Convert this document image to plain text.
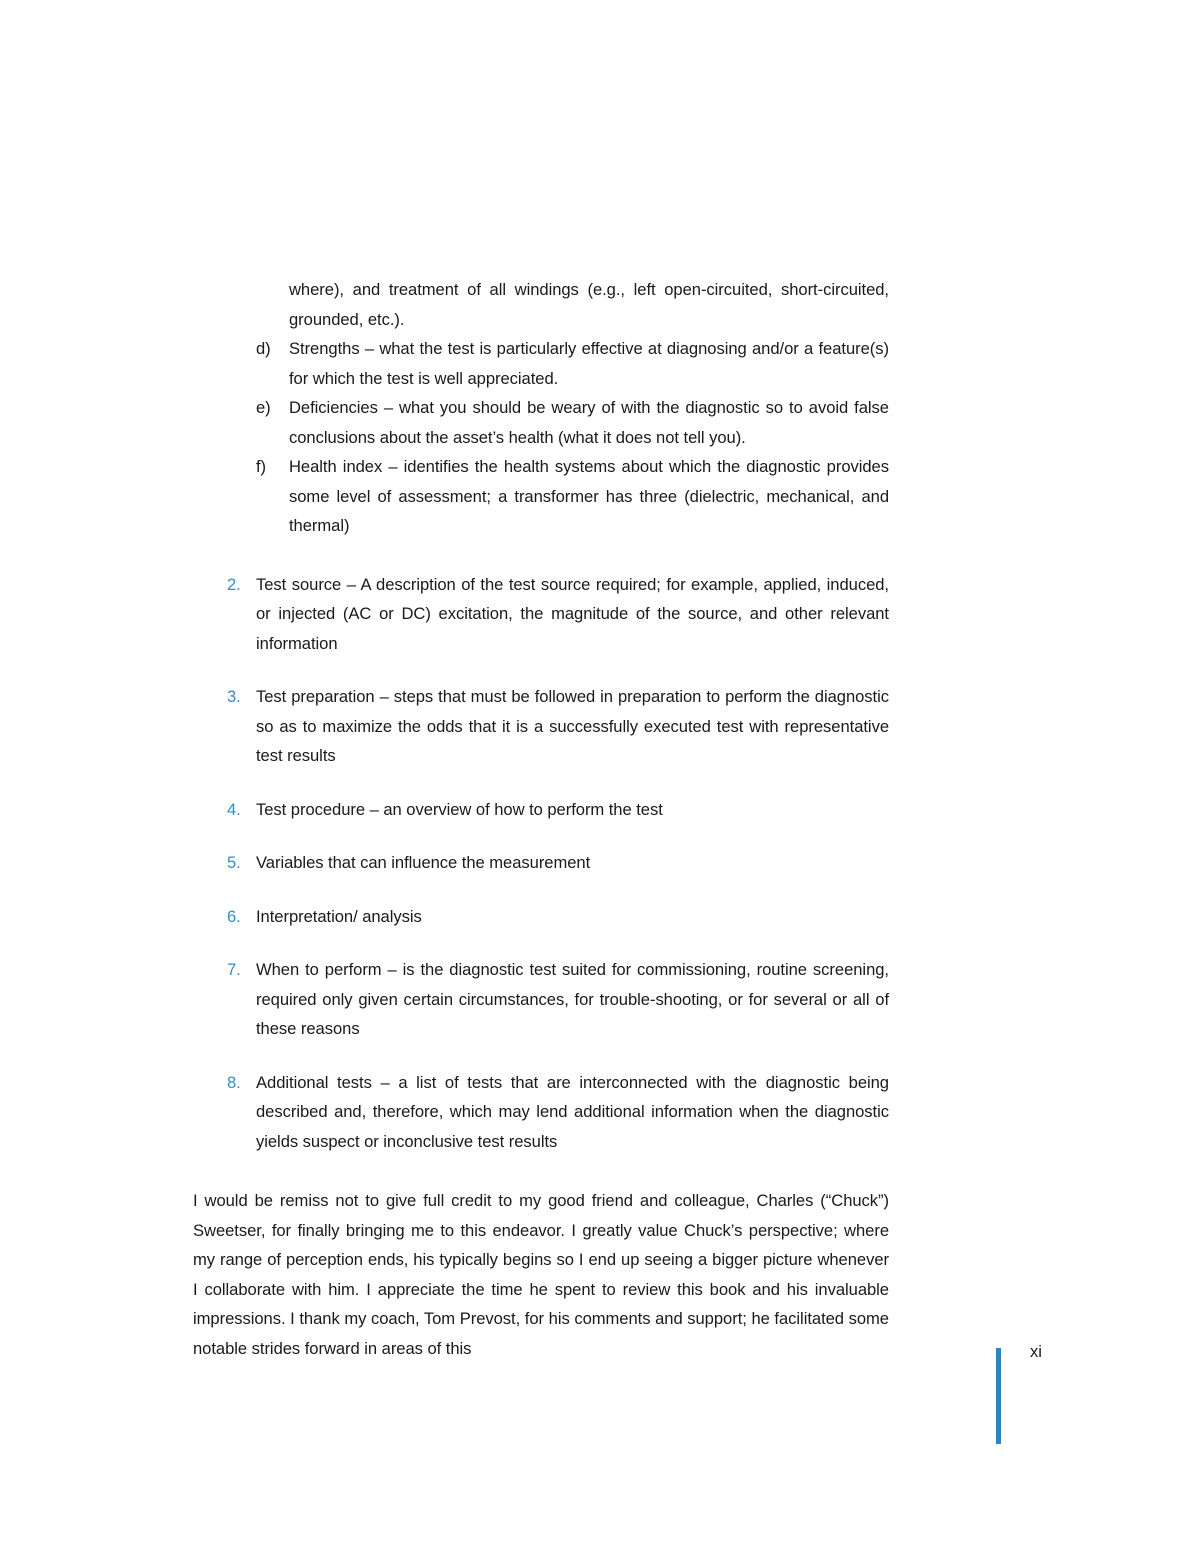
where), and treatment of all windings (e.g., left open-circuited, short-circuited, grounded, etc.).
d)	Strengths – what the test is particularly effective at diagnosing and/or a feature(s) for which the test is well appreciated.
e)	Deficiencies – what you should be weary of with the diagnostic so to avoid false conclusions about the asset’s health (what it does not tell you).
f)	Health index – identifies the health systems about which the diagnostic provides some level of assessment; a transformer has three (dielectric, mechanical, and thermal)
2. Test source – A description of the test source required; for example, applied, induced, or injected (AC or DC) excitation, the magnitude of the source, and other relevant information
3. Test preparation – steps that must be followed in preparation to perform the diagnostic so as to maximize the odds that it is a successfully executed test with representative test results
4. Test procedure – an overview of how to perform the test
5. Variables that can influence the measurement
6. Interpretation/ analysis
7. When to perform – is the diagnostic test suited for commissioning, routine screening, required only given certain circumstances, for trouble-shooting, or for several or all of these reasons
8. Additional tests – a list of tests that are interconnected with the diagnostic being described and, therefore, which may lend additional information when the diagnostic yields suspect or inconclusive test results

I would be remiss not to give full credit to my good friend and colleague, Charles (“Chuck”) Sweetser, for finally bringing me to this endeavor. I greatly value Chuck’s perspective; where my range of perception ends, his typically begins so I end up seeing a bigger picture whenever I collaborate with him. I appreciate the time he spent to review this book and his invaluable impressions. I thank my coach, Tom Prevost, for his comments and support; he facilitated some notable strides forward in areas of this	xi
